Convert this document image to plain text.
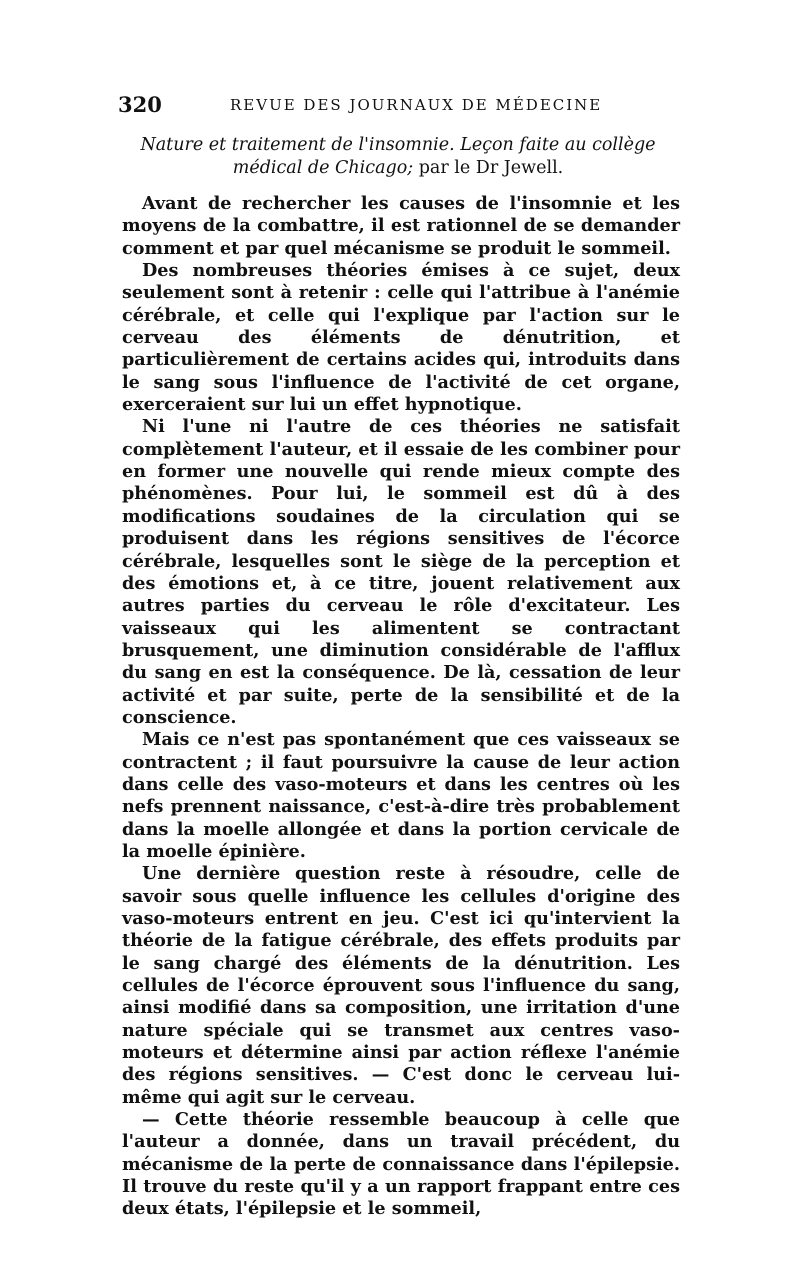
320	REVUE DES JOURNAUX DE MÉDECINE
Nature et traitement de l'insomnie. Leçon faite au collège médical de Chicago; par le Dr Jewell.

Avant de rechercher les causes de l'insomnie et les moyens de la combattre, il est rationnel de se demander comment et par quel mécanisme se produit le sommeil.

Des nombreuses théories émises à ce sujet, deux seulement sont à retenir : celle qui l'attribue à l'anémie cérébrale, et celle qui l'explique par l'action sur le cerveau des éléments de dénutrition, et particulièrement de certains acides qui, introduits dans le sang sous l'influence de l'activité de cet organe, exerceraient sur lui un effet hypnotique.

Ni l'une ni l'autre de ces théories ne satisfait complètement l'auteur, et il essaie de les combiner pour en former une nouvelle qui rende mieux compte des phénomènes. Pour lui, le sommeil est dû à des modifications soudaines de la circulation qui se produisent dans les régions sensitives de l'écorce cérébrale, lesquelles sont le siège de la perception et des émotions et, à ce titre, jouent relativement aux autres parties du cerveau le rôle d'excitateur. Les vaisseaux qui les alimentent se contractant brusquement, une diminution considérable de l'afflux du sang en est la conséquence. De là, cessation de leur activité et par suite, perte de la sensibilité et de la conscience.

Mais ce n'est pas spontanément que ces vaisseaux se contractent ; il faut poursuivre la cause de leur action dans celle des vaso-moteurs et dans les centres où les nefs prennent naissance, c'est-à-dire très probablement dans la moelle allongée et dans la portion cervicale de la moelle épinière.

Une dernière question reste à résoudre, celle de savoir sous quelle influence les cellules d'origine des vaso-moteurs entrent en jeu. C'est ici qu'intervient la théorie de la fatigue cérébrale, des effets produits par le sang chargé des éléments de la dénutrition. Les cellules de l'écorce éprouvent sous l'influence du sang, ainsi modifié dans sa composition, une irritation d'une nature spéciale qui se transmet aux centres vaso-moteurs et détermine ainsi par action réflexe l'anémie des régions sensitives. — C'est donc le cerveau lui-même qui agit sur le cerveau.

— Cette théorie ressemble beaucoup à celle que l'auteur a donnée, dans un travail précédent, du mécanisme de la perte de connaissance dans l'épilepsie. Il trouve du reste qu'il y a un rapport frappant entre ces deux états, l'épilepsie et le sommeil,
